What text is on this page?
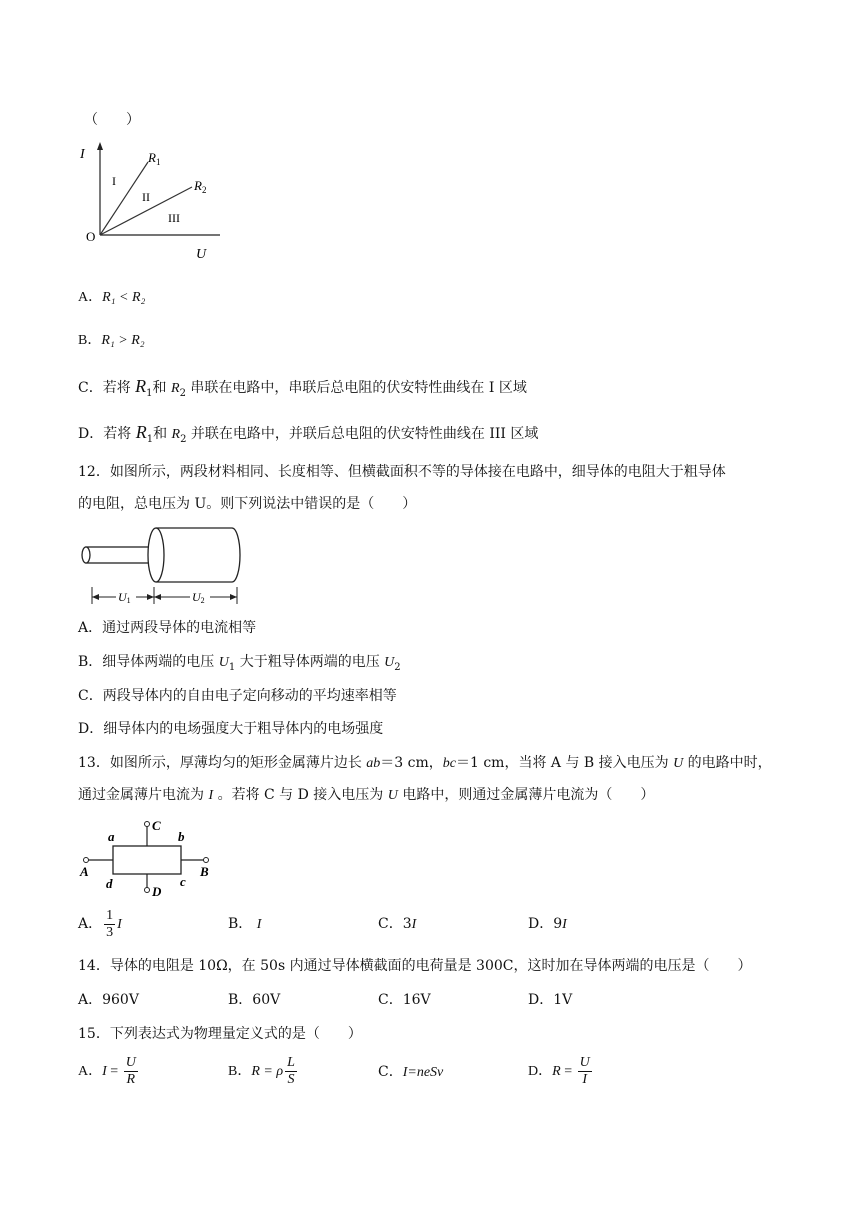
（　　）
I
U
O
$R_1$
$R_2$
I
II
III
A．R₁ < R₂
B．R₁ > R₂
C．若将 $R_1$和 $R_2$ 串联在电路中，串联后总电阻的伏安特性曲线在 I 区域
D．若将 $R_1$和 $R_2$ 并联在电路中，并联后总电阻的伏安特性曲线在 III 区域
12．如图所示，两段材料相同、长度相等、但横截面积不等的导体接在电路中，细导体的电阻大于粗导体
的电阻，总电压为 U。则下列说法中错误的是（　　）
U1	U2
A．通过两段导体的电流相等
B．细导体两端的电压 $U_1$ 大于粗导体两端的电压 $U_2$
C．两段导体内的自由电子定向移动的平均速率相等
D．细导体内的电场强度大于粗导体内的电场强度
13．如图所示，厚薄均匀的矩形金属薄片边长 ab＝3 cm，bc＝1 cm，当将 A 与 B 接入电压为 U 的电路中时，
通过金属薄片电流为 I 。若将 C 与 D 接入电压为 U 电路中，则通过金属薄片电流为（　　）
a	b
c
d
A	B
C
D
A． $\frac{1}{3}$ I	B． I	C．3I	D．9I
14．导体的电阻是 10Ω，在 50s 内通过导体横截面的电荷量是 300C，这时加在导体两端的电压是（　　）
A．960V	B．60V	C．16V	D．1V
15．下列表达式为物理量定义式的是（　　）
A．$I = \frac{U}{R}$	B．R = ρ $\frac{L}{S}$	C．I=neSv	D．$R = \frac{U}{I}$
